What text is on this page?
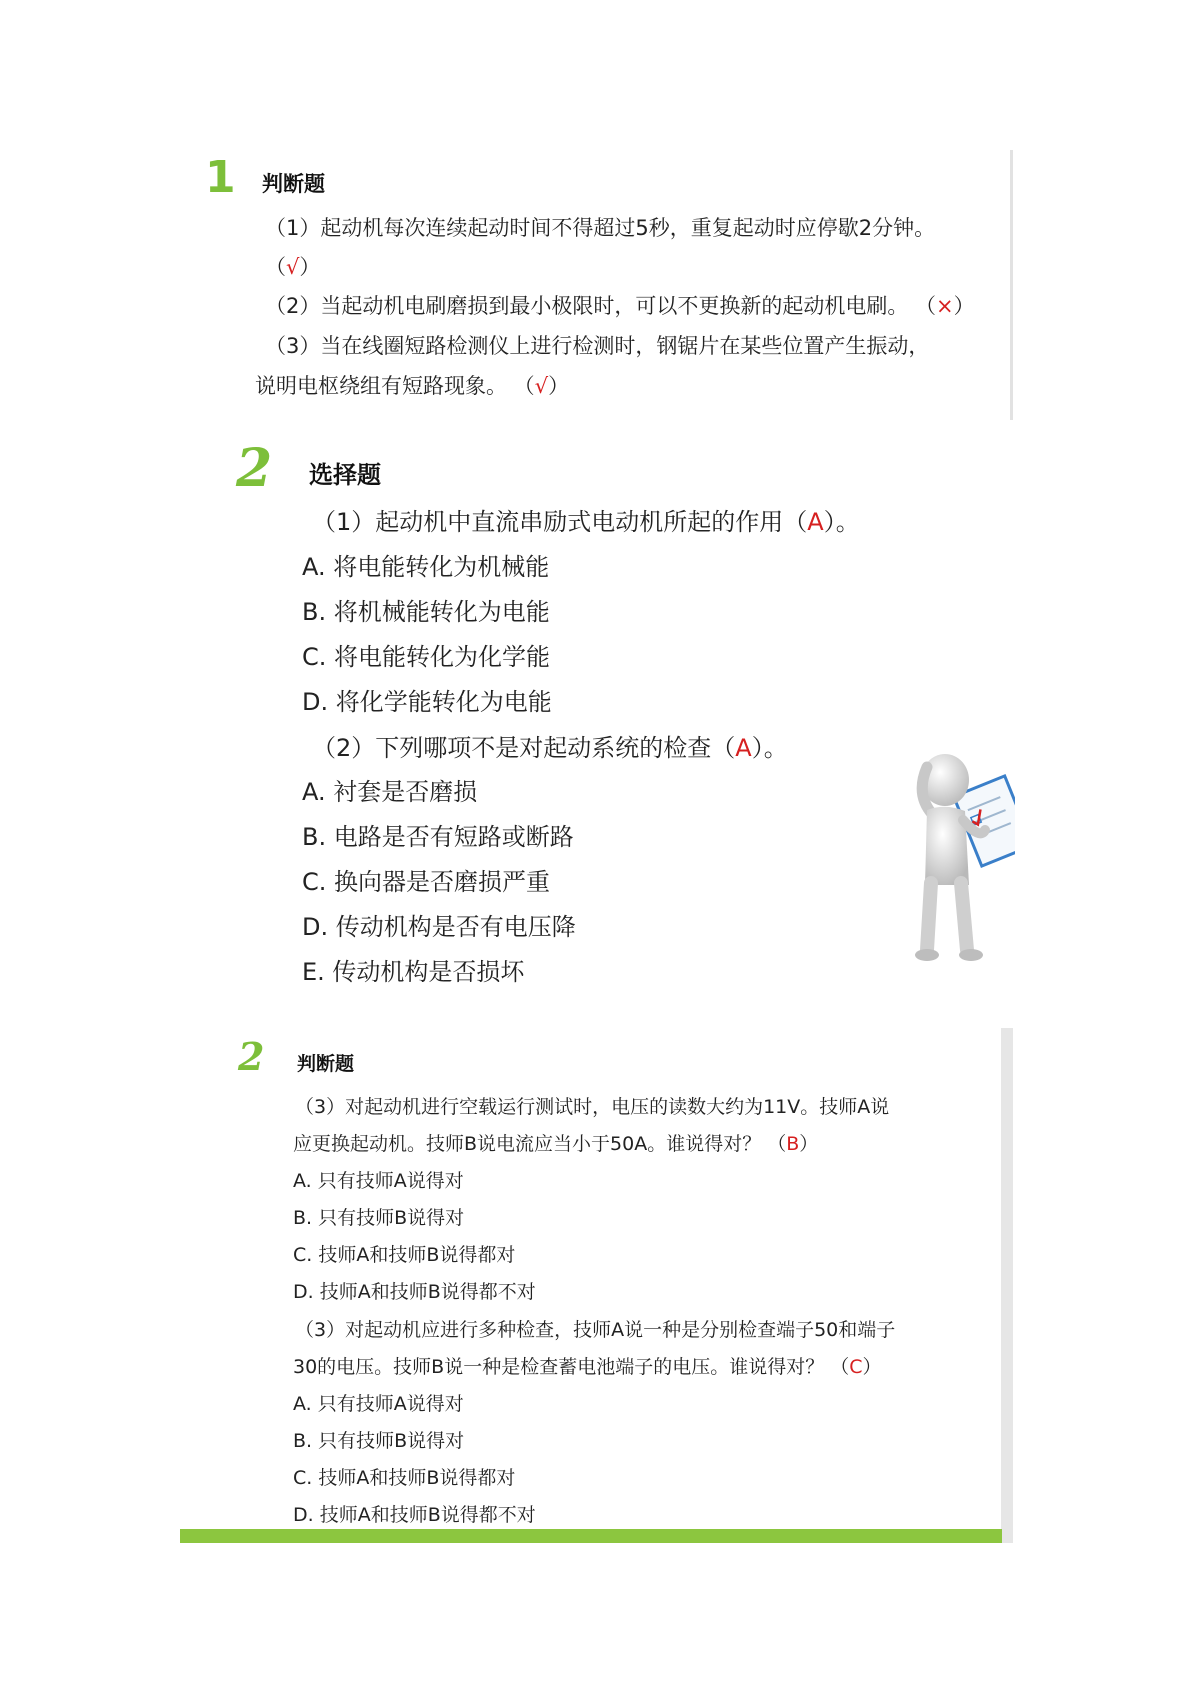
1 判断题
（1）起动机每次连续起动时间不得超过5秒，重复起动时应停歇2分钟。
（√）
（2）当起动机电刷磨损到最小极限时，可以不更换新的起动机电刷。 （×）
（3）当在线圈短路检测仪上进行检测时，钢锯片在某些位置产生振动，
说明电枢绕组有短路现象。 （√）
2 选择题
（1）起动机中直流串励式电动机所起的作用（A）。
A. 将电能转化为机械能
B. 将机械能转化为电能
C. 将电能转化为化学能
D. 将化学能转化为电能
（2）下列哪项不是对起动系统的检查（A）。
A. 衬套是否磨损
B. 电路是否有短路或断路
C. 换向器是否磨损严重
D. 传动机构是否有电压降
E. 传动机构是否损坏
2 判断题
（3）对起动机进行空载运行测试时，电压的读数大约为11V。技师A说
应更换起动机。技师B说电流应当小于50A。谁说得对？ （B）
A. 只有技师A说得对
B. 只有技师B说得对
C. 技师A和技师B说得都对
D. 技师A和技师B说得都不对
（3）对起动机应进行多种检查，技师A说一种是分别检查端子50和端子
30的电压。技师B说一种是检查蓄电池端子的电压。谁说得对？ （C）
A. 只有技师A说得对
B. 只有技师B说得对
C. 技师A和技师B说得都对
D. 技师A和技师B说得都不对
